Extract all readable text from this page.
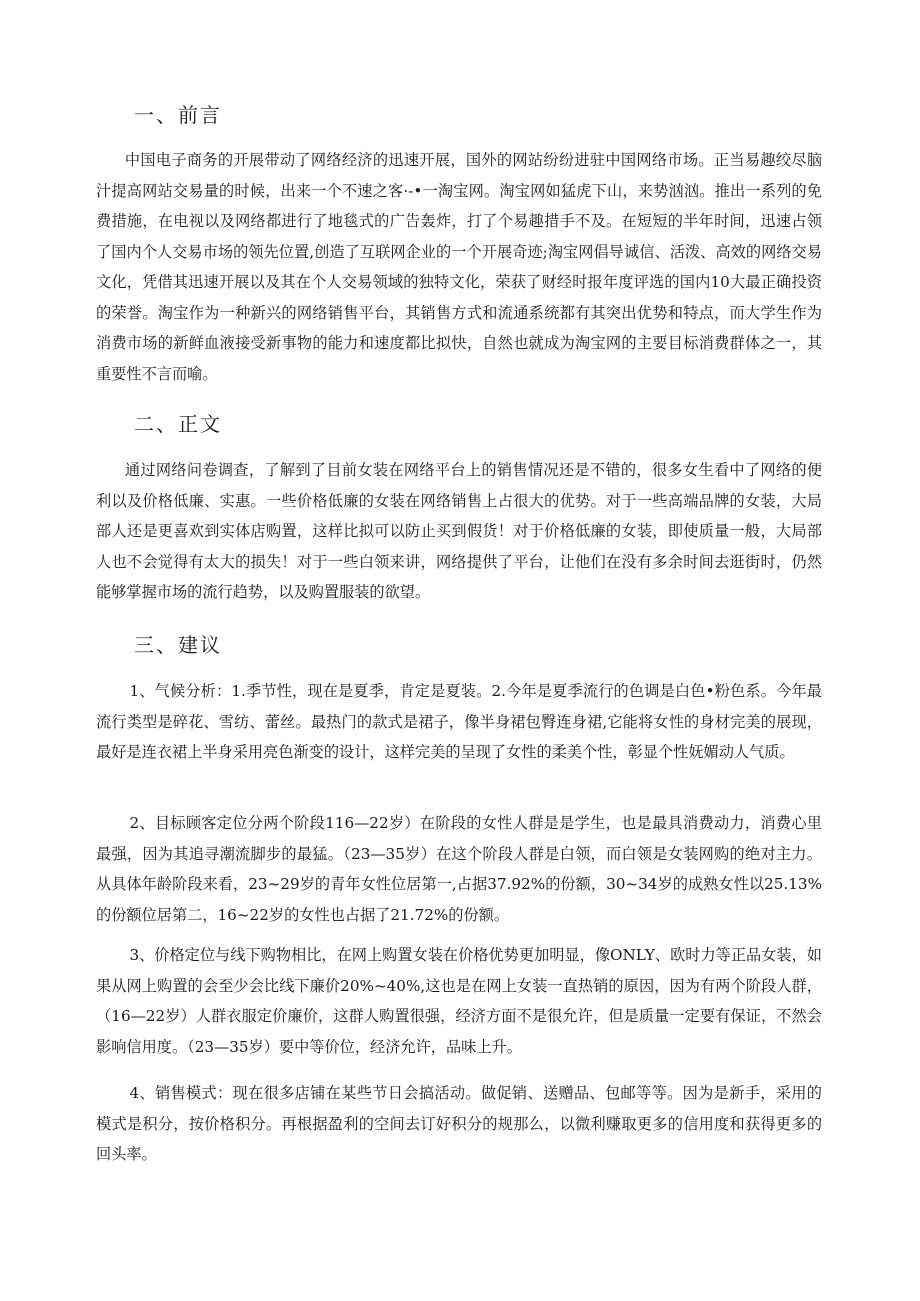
一、前言

中国电子商务的开展带动了网络经济的迅速开展，国外的网站纷纷进驻中国网络市场。正当易趣绞尽脑汁提高网站交易量的时候，出来一个不速之客·-•一淘宝网。淘宝网如猛虎下山，来势汹汹。推出一系列的免费措施，在电视以及网络都进行了地毯式的广告轰炸，打了个易趣措手不及。在短短的半年时间，迅速占领了国内个人交易市场的领先位置,创造了互联网企业的一个开展奇迹;淘宝网倡导诚信、活泼、高效的网络交易文化，凭借其迅速开展以及其在个人交易领域的独特文化，荣获了财经时报年度评选的国内10大最正确投资的荣誉。淘宝作为一种新兴的网络销售平台，其销售方式和流通系统都有其突出优势和特点，而大学生作为消费市场的新鲜血液接受新事物的能力和速度都比拟快，自然也就成为淘宝网的主要目标消费群体之一，其重要性不言而喻。

二、正文

通过网络问卷调查，了解到了目前女装在网络平台上的销售情况还是不错的，很多女生看中了网络的便利以及价格低廉、实惠。一些价格低廉的女装在网络销售上占很大的优势。对于一些高端品牌的女装，大局部人还是更喜欢到实体店购置，这样比拟可以防止买到假货！对于价格低廉的女装，即使质量一般，大局部人也不会觉得有太大的损失！对于一些白领来讲，网络提供了平台，让他们在没有多余时间去逛街时，仍然能够掌握市场的流行趋势，以及购置服装的欲望。

三、建议

1、气候分析：1.季节性，现在是夏季，肯定是夏装。2.今年是夏季流行的色调是白色•粉色系。今年最流行类型是碎花、雪纺、蕾丝。最热门的款式是裙子，像半身裙包臀连身裙,它能将女性的身材完美的展现，最好是连衣裙上半身采用亮色渐变的设计，这样完美的呈现了女性的柔美个性，彰显个性妩媚动人气质。

2、目标顾客定位分两个阶段116—22岁）在阶段的女性人群是是学生，也是最具消费动力，消费心里最强，因为其追寻潮流脚步的最猛。（23—35岁）在这个阶段人群是白领，而白领是女装网购的绝对主力。从具体年龄阶段来看，23~29岁的青年女性位居第一,占据37.92%的份额，30~34岁的成熟女性以25.13%的份额位居第二，16~22岁的女性也占据了21.72%的份额。

3、价格定位与线下购物相比，在网上购置女装在价格优势更加明显，像ONLY、欧时力等正品女装，如果从网上购置的会至少会比线下廉价20%~40%,这也是在网上女装一直热销的原因，因为有两个阶段人群，（16—22岁）人群衣服定价廉价，这群人购置很强，经济方面不是很允许，但是质量一定要有保证，不然会影响信用度。（23—35岁）要中等价位，经济允许，品味上升。

4、销售模式：现在很多店铺在某些节日会搞活动。做促销、送赠品、包邮等等。因为是新手，采用的模式是积分，按价格积分。再根据盈利的空间去订好积分的规那么，以微利赚取更多的信用度和获得更多的回头率。
